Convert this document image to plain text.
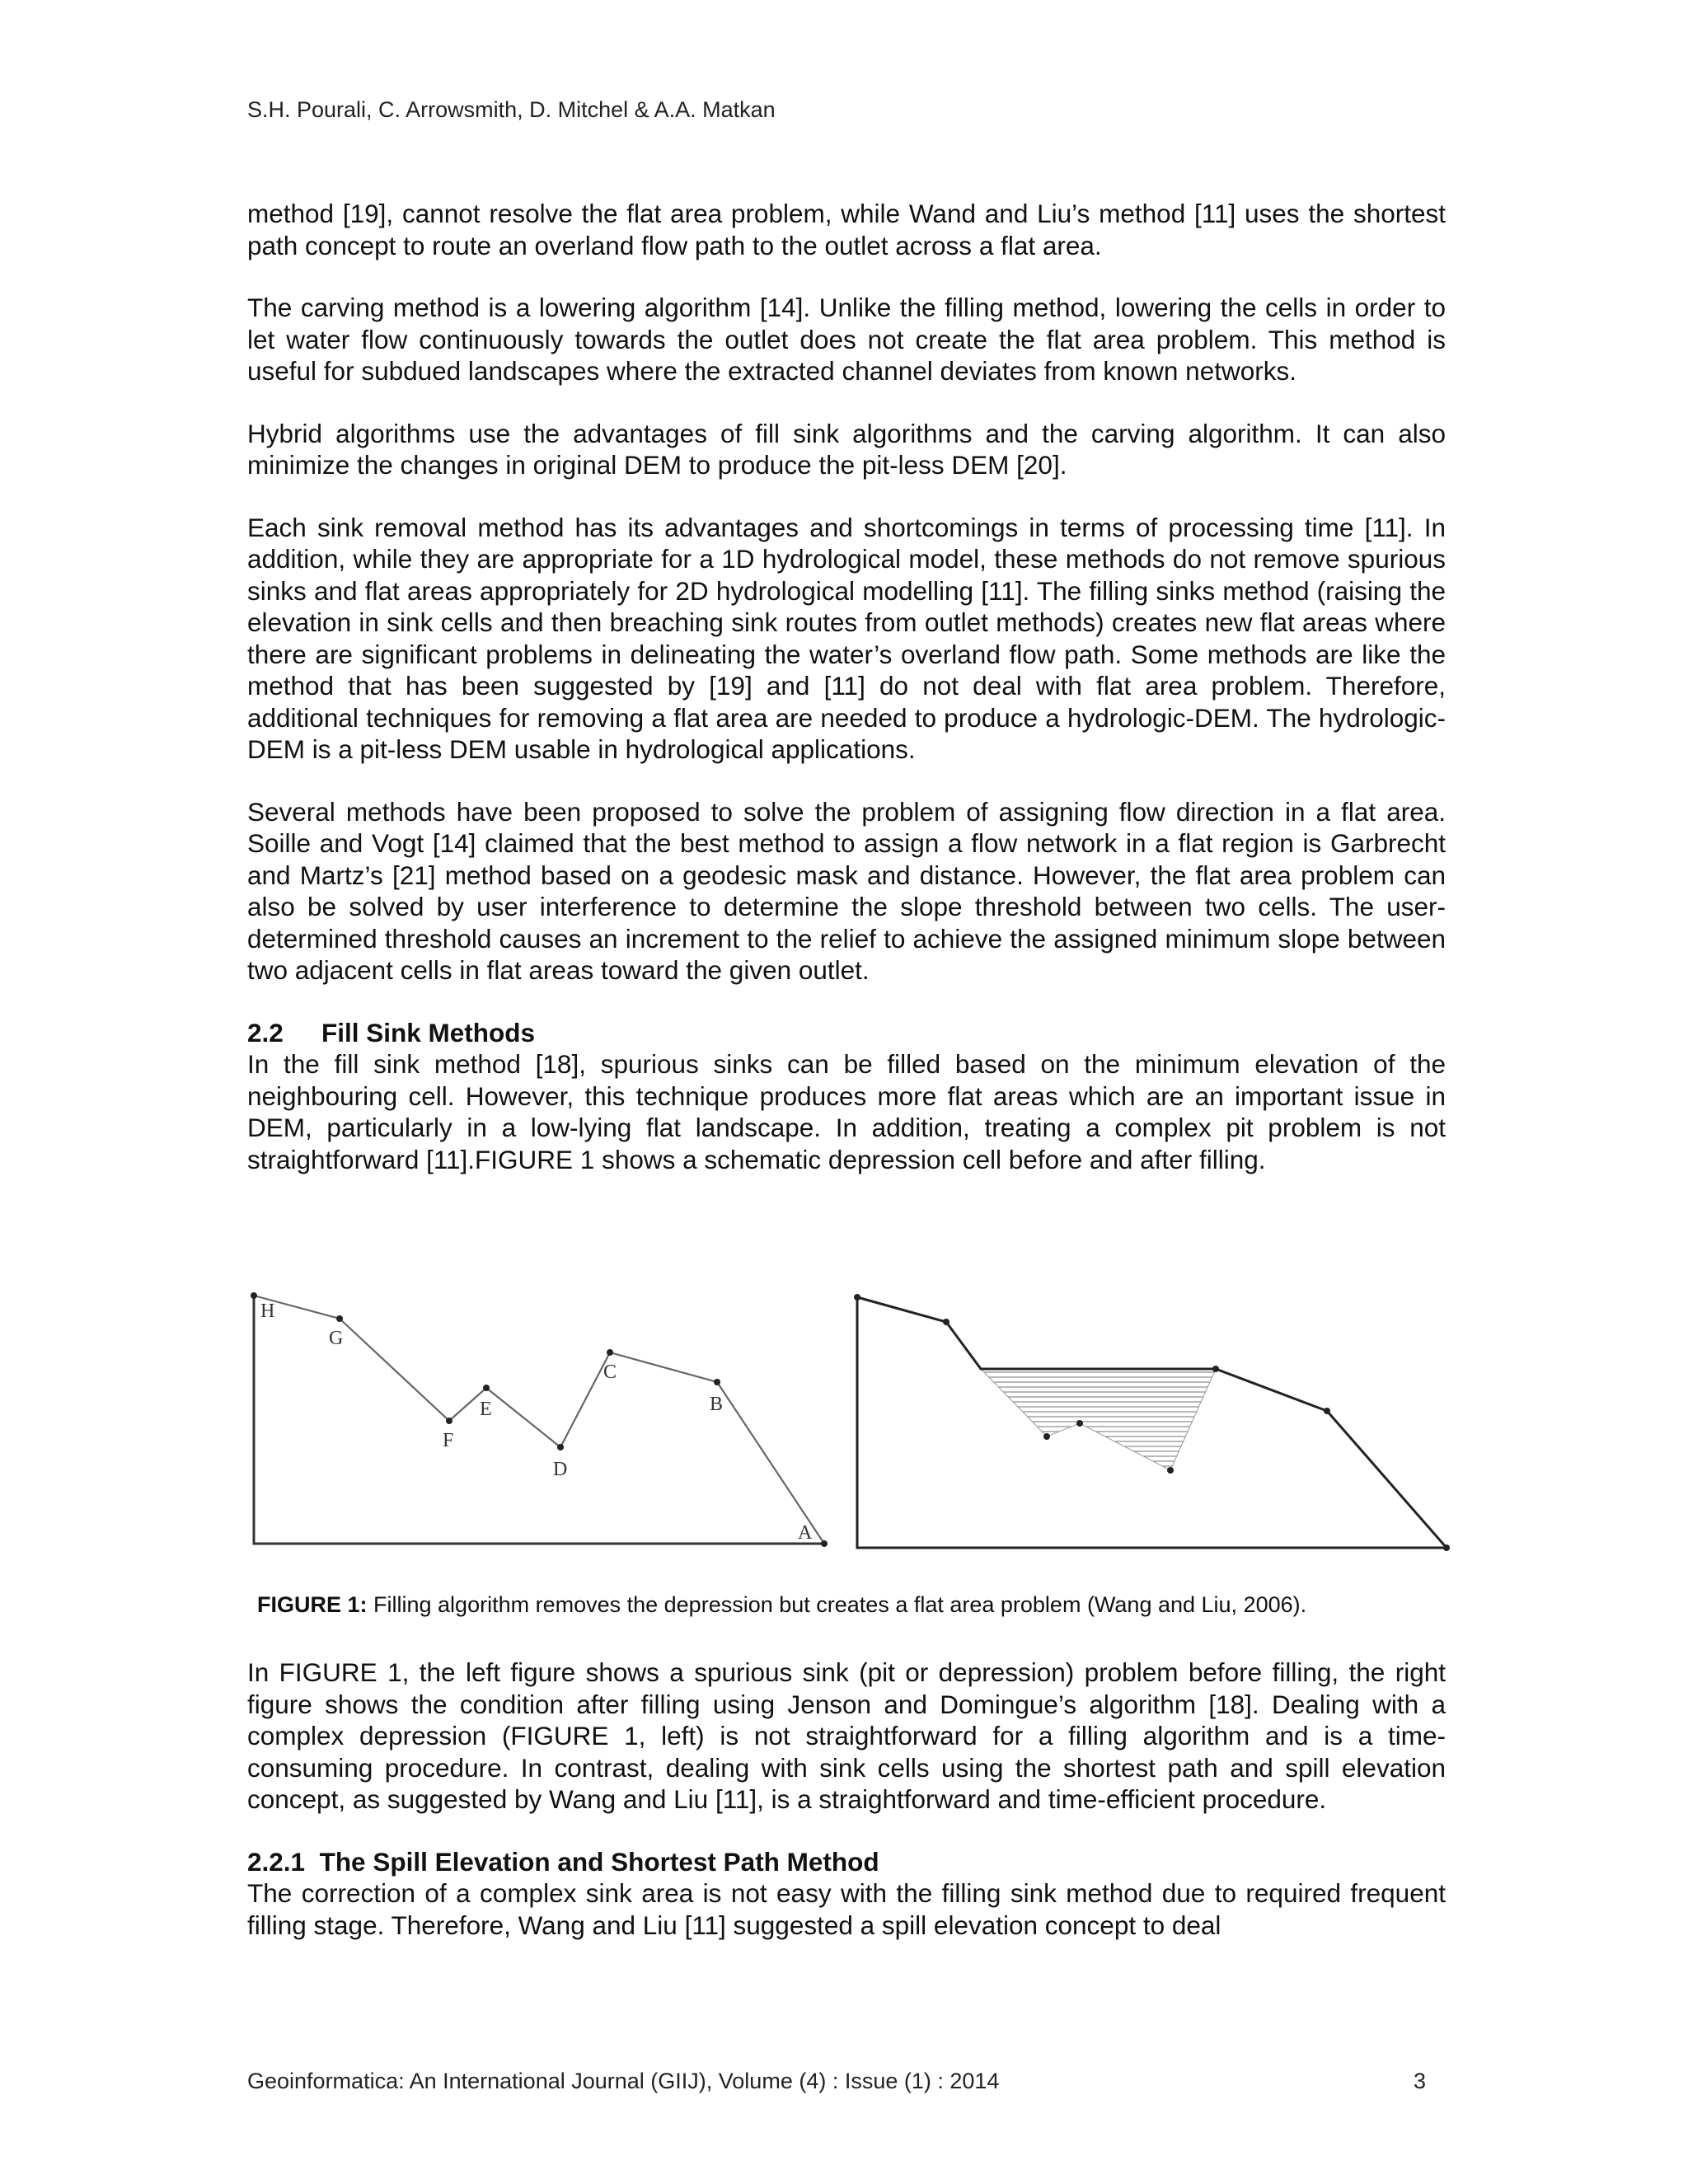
S.H. Pourali, C. Arrowsmith, D. Mitchel & A.A. Matkan

method [19], cannot resolve the flat area problem, while Wand and Liu’s method [11] uses the shortest path concept to route an overland flow path to the outlet across a flat area.

The carving method is a lowering algorithm [14]. Unlike the filling method, lowering the cells in order to let water flow continuously towards the outlet does not create the flat area problem. This method is useful for subdued landscapes where the extracted channel deviates from known networks.

Hybrid algorithms use the advantages of fill sink algorithms and the carving algorithm. It can also minimize the changes in original DEM to produce the pit-less DEM [20].

Each sink removal method has its advantages and shortcomings in terms of processing time [11]. In addition, while they are appropriate for a 1D hydrological model, these methods do not remove spurious sinks and flat areas appropriately for 2D hydrological modelling [11]. The filling sinks method (raising the elevation in sink cells and then breaching sink routes from outlet methods) creates new flat areas where there are significant problems in delineating the water’s overland flow path. Some methods are like the method that has been suggested by [19] and [11] do not deal with flat area problem. Therefore, additional techniques for removing a flat area are needed to produce a hydrologic-DEM. The hydrologic-DEM is a pit-less DEM usable in hydrological applications.

Several methods have been proposed to solve the problem of assigning flow direction in a flat area. Soille and Vogt [14] claimed that the best method to assign a flow network in a flat region is Garbrecht and Martz’s [21] method based on a geodesic mask and distance. However, the flat area problem can also be solved by user interference to determine the slope threshold between two cells. The user-determined threshold causes an increment to the relief to achieve the assigned minimum slope between two adjacent cells in flat areas toward the given outlet.

2.2 Fill Sink Methods

In the fill sink method [18], spurious sinks can be filled based on the minimum elevation of the neighbouring cell. However, this technique produces more flat areas which are an important issue in DEM, particularly in a low-lying flat landscape. In addition, treating a complex pit problem is not straightforward [11].FIGURE 1 shows a schematic depression cell before and after filling.

H
G
F
E
D
C
B
A
FIGURE 1: Filling algorithm removes the depression but creates a flat area problem (Wang and Liu, 2006).

In FIGURE 1, the left figure shows a spurious sink (pit or depression) problem before filling, the right figure shows the condition after filling using Jenson and Domingue’s algorithm [18]. Dealing with a complex depression (FIGURE 1, left) is not straightforward for a filling algorithm and is a time-consuming procedure. In contrast, dealing with sink cells using the shortest path and spill elevation concept, as suggested by Wang and Liu [11], is a straightforward and time-efficient procedure.

2.2.1 The Spill Elevation and Shortest Path Method

The correction of a complex sink area is not easy with the filling sink method due to required frequent filling stage. Therefore, Wang and Liu [11] suggested a spill elevation concept to deal

Geoinformatica: An International Journal (GIIJ), Volume (4) : Issue (1) : 2014	3
